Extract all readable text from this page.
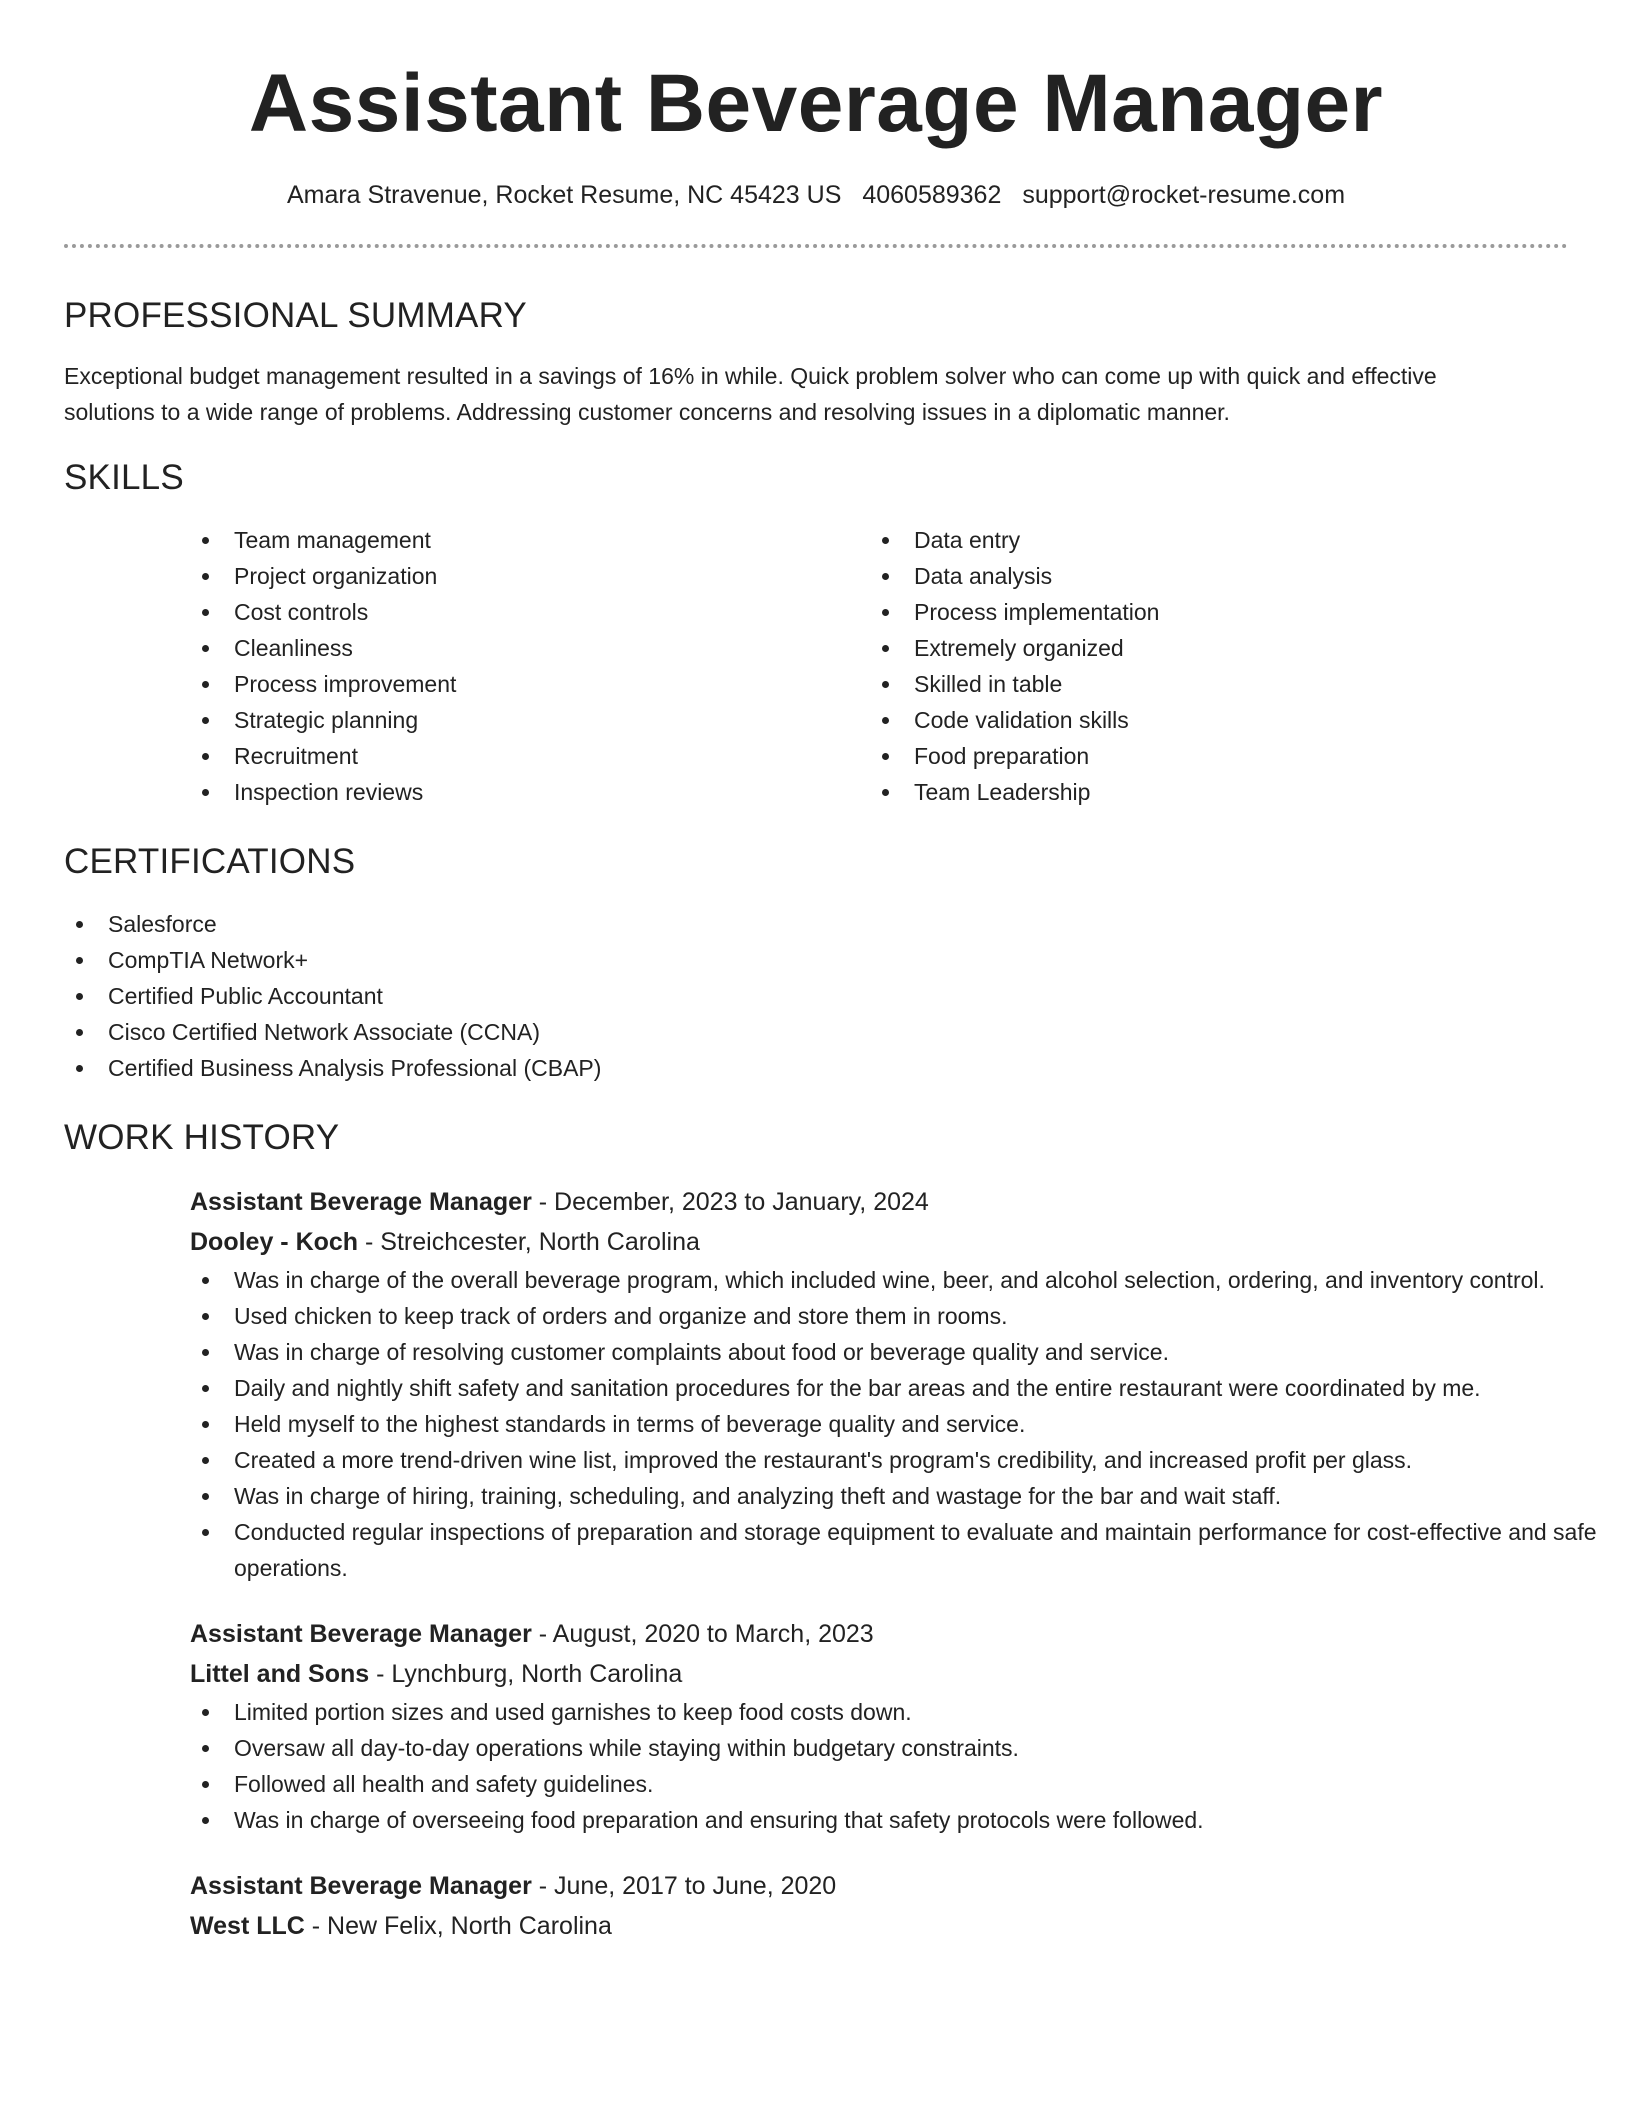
Assistant Beverage Manager
Amara Stravenue, Rocket Resume, NC 45423 US 4060589362 support@rocket-resume.com
PROFESSIONAL SUMMARY

Exceptional budget management resulted in a savings of 16% in while. Quick problem solver who can come up with quick and effective solutions to a wide range of problems. Addressing customer concerns and resolving issues in a diplomatic manner.

SKILLS
Team management
Project organization
Cost controls
Cleanliness
Process improvement
Strategic planning
Recruitment
Inspection reviews
Data entry
Data analysis
Process implementation
Extremely organized
Skilled in table
Code validation skills
Food preparation
Team Leadership
CERTIFICATIONS
Salesforce
CompTIA Network+
Certified Public Accountant
Cisco Certified Network Associate (CCNA)
Certified Business Analysis Professional (CBAP)
WORK HISTORY
Assistant Beverage Manager - December, 2023 to January, 2024
Dooley - Koch - Streichcester, North Carolina
Was in charge of the overall beverage program, which included wine, beer, and alcohol selection, ordering, and inventory control.
Used chicken to keep track of orders and organize and store them in rooms.
Was in charge of resolving customer complaints about food or beverage quality and service.
Daily and nightly shift safety and sanitation procedures for the bar areas and the entire restaurant were coordinated by me.
Held myself to the highest standards in terms of beverage quality and service.
Created a more trend-driven wine list, improved the restaurant's program's credibility, and increased profit per glass.
Was in charge of hiring, training, scheduling, and analyzing theft and wastage for the bar and wait staff.
Conducted regular inspections of preparation and storage equipment to evaluate and maintain performance for cost-effective and safe operations.
Assistant Beverage Manager - August, 2020 to March, 2023
Littel and Sons - Lynchburg, North Carolina
Limited portion sizes and used garnishes to keep food costs down.
Oversaw all day-to-day operations while staying within budgetary constraints.
Followed all health and safety guidelines.
Was in charge of overseeing food preparation and ensuring that safety protocols were followed.
Assistant Beverage Manager - June, 2017 to June, 2020
West LLC - New Felix, North Carolina
